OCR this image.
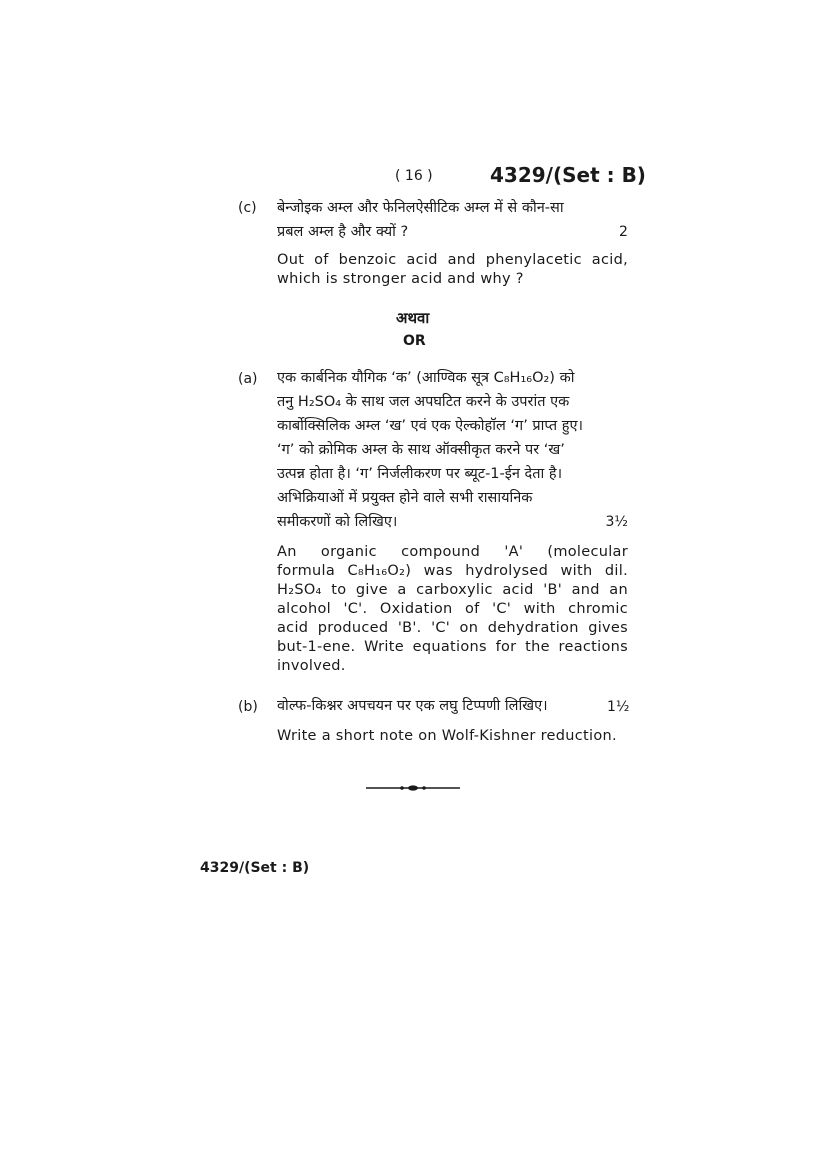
( 16 )	4329/(Set : B)
(c) बेन्जोइक अम्ल और फेनिलऐसीटिक अम्ल में से कौन-सा
प्रबल अम्ल है और क्यों ?	2
Out of benzoic acid and phenylacetic acid, which is stronger acid and why ?
अथवा
OR
(a) एक कार्बनिक यौगिक ‘क’ (आण्विक सूत्र C₈H₁₆O₂) को
तनु H₂SO₄ के साथ जल अपघटित करने के उपरांत एक
कार्बोक्सिलिक अम्ल ‘ख’ एवं एक ऐल्कोहॉल ‘ग’ प्राप्त हुए।
‘ग’ को क्रोमिक अम्ल के साथ ऑक्सीकृत करने पर ‘ख’
उत्पन्न होता है। ‘ग’ निर्जलीकरण पर ब्यूट-1-ईन देता है।
अभिक्रियाओं में प्रयुक्त होने वाले सभी रासायनिक
समीकरणों को लिखिए।	3½
An organic compound 'A' (molecular
formula C₈H₁₆O₂) was hydrolysed with dil.
H₂SO₄ to give a carboxylic acid 'B' and an
alcohol 'C'. Oxidation of 'C' with chromic
acid produced 'B'. 'C' on dehydration gives
but-1-ene. Write equations for the reactions
involved.
(b) वोल्फ-किश्नर अपचयन पर एक लघु टिप्पणी लिखिए।	1½
Write a short note on Wolf-Kishner reduction.
4329/(Set : B)
